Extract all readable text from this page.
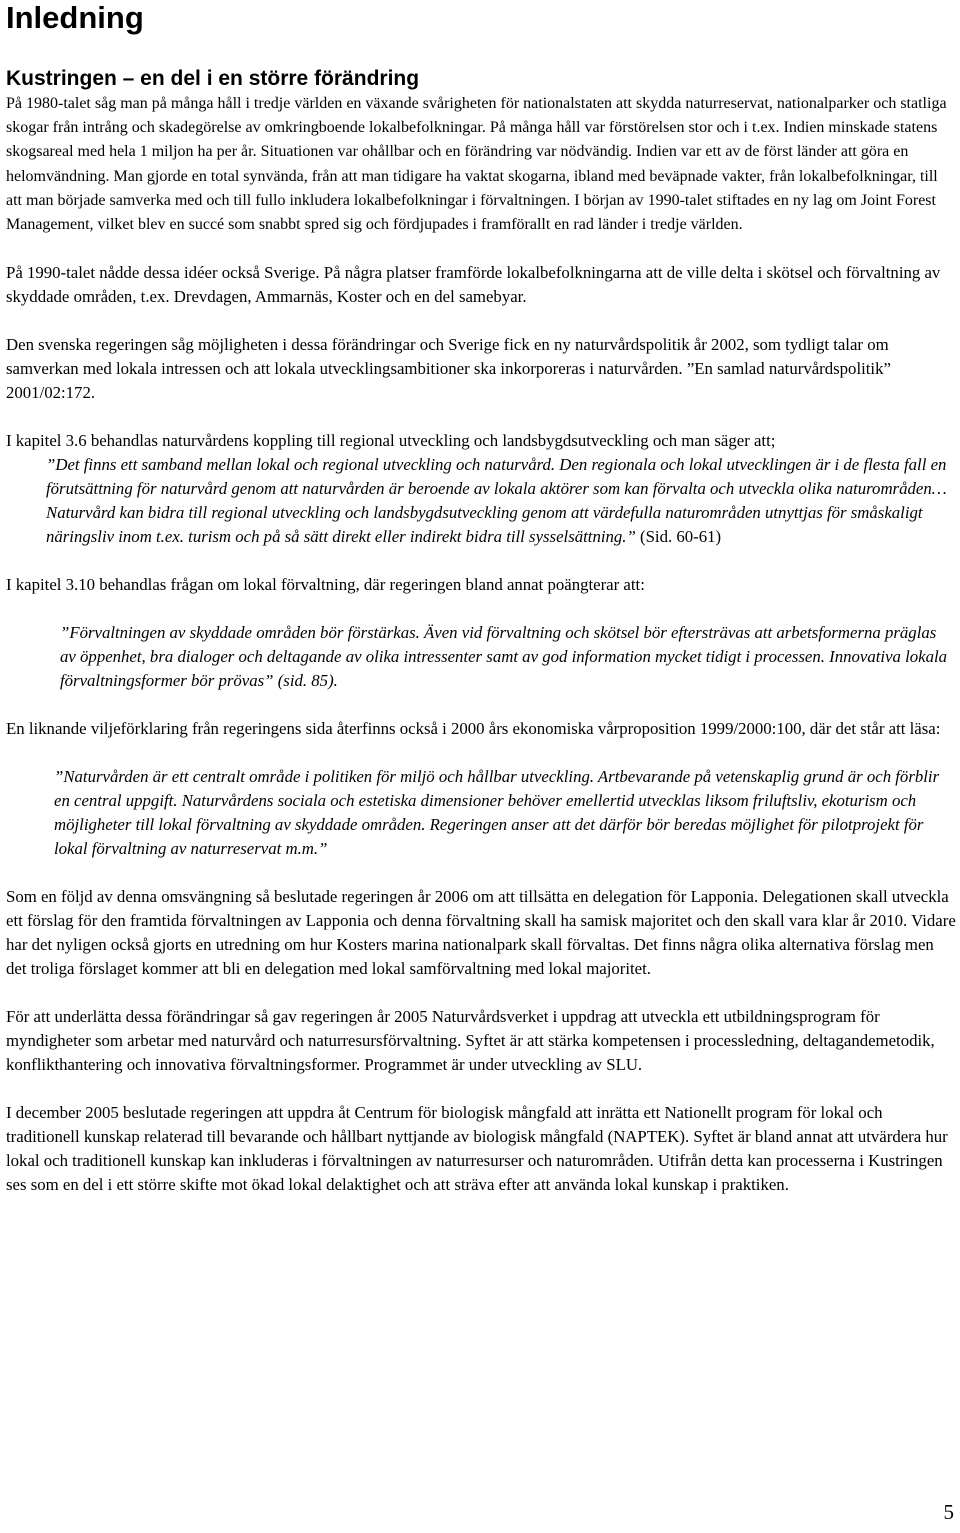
Inledning
Kustringen – en del i en större förändring

På 1980-talet såg man på många håll i tredje världen en växande svårigheten för nationalstaten att skydda naturreservat, nationalparker och statliga skogar från intrång och skadegörelse av omkringboende lokalbefolkningar. På många håll var förstörelsen stor och i t.ex. Indien minskade statens skogsareal med hela 1 miljon ha per år. Situationen var ohållbar och en förändring var nödvändig. Indien var ett av de först länder att göra en helomvändning. Man gjorde en total synvända, från att man tidigare ha vaktat skogarna, ibland med beväpnade vakter, från lokalbefolkningar, till att man började samverka med och till fullo inkludera lokalbefolkningar i förvaltningen. I början av 1990-talet stiftades en ny lag om Joint Forest Management, vilket blev en succé som snabbt spred sig och fördjupades i framförallt en rad länder i tredje världen.

På 1990-talet nådde dessa idéer också Sverige. På några platser framförde lokalbefolkningarna att de ville delta i skötsel och förvaltning av skyddade områden, t.ex. Drevdagen, Ammarnäs, Koster och en del samebyar.

Den svenska regeringen såg möjligheten i dessa förändringar och Sverige fick en ny naturvårdspolitik år 2002, som tydligt talar om samverkan med lokala intressen och att lokala utvecklingsambitioner ska inkorporeras i naturvården. ”En samlad naturvårdspolitik” 2001/02:172.

I kapitel 3.6 behandlas naturvårdens koppling till regional utveckling och landsbygdsutveckling och man säger att;

”Det finns ett samband mellan lokal och regional utveckling och naturvård. Den regionala och lokal utvecklingen är i de flesta fall en förutsättning för naturvård genom att naturvården är beroende av lokala aktörer som kan förvalta och utveckla olika naturområden… Naturvård kan bidra till regional utveckling och landsbygdsutveckling genom att värdefulla naturområden utnyttjas för småskaligt näringsliv inom t.ex. turism och på så sätt direkt eller indirekt bidra till sysselsättning.” (Sid. 60-61)

I kapitel 3.10 behandlas frågan om lokal förvaltning, där regeringen bland annat poängterar att:

”Förvaltningen av skyddade områden bör förstärkas. Även vid förvaltning och skötsel bör eftersträvas att arbetsformerna präglas av öppenhet, bra dialoger och deltagande av olika intressenter samt av god information mycket tidigt i processen. Innovativa lokala förvaltningsformer bör prövas” (sid. 85).

En liknande viljeförklaring från regeringens sida återfinns också i 2000 års ekonomiska vårproposition 1999/2000:100, där det står att läsa:

”Naturvården är ett centralt område i politiken för miljö och hållbar utveckling. Artbevarande på vetenskaplig grund är och förblir en central uppgift. Naturvårdens sociala och estetiska dimensioner behöver emellertid utvecklas liksom friluftsliv, ekoturism och möjligheter till lokal förvaltning av skyddade områden. Regeringen anser att det därför bör beredas möjlighet för pilotprojekt för lokal förvaltning av naturreservat m.m.”

Som en följd av denna omsvängning så beslutade regeringen år 2006 om att tillsätta en delegation för Lapponia. Delegationen skall utveckla ett förslag för den framtida förvaltningen av Lapponia och denna förvaltning skall ha samisk majoritet och den skall vara klar år 2010. Vidare har det nyligen också gjorts en utredning om hur Kosters marina nationalpark skall förvaltas. Det finns några olika alternativa förslag men det troliga förslaget kommer att bli en delegation med lokal samförvaltning med lokal majoritet.

För att underlätta dessa förändringar så gav regeringen år 2005 Naturvårdsverket i uppdrag att utveckla ett utbildningsprogram för myndigheter som arbetar med naturvård och naturresursförvaltning. Syftet är att stärka kompetensen i processledning, deltagandemetodik, konflikthantering och innovativa förvaltningsformer. Programmet är under utveckling av SLU.

I december 2005 beslutade regeringen att uppdra åt Centrum för biologisk mångfald att inrätta ett Nationellt program för lokal och traditionell kunskap relaterad till bevarande och hållbart nyttjande av biologisk mångfald (NAPTEK). Syftet är bland annat att utvärdera hur lokal och traditionell kunskap kan inkluderas i förvaltningen av naturresurser och naturområden. Utifrån detta kan processerna i Kustringen ses som en del i ett större skifte mot ökad lokal delaktighet och att sträva efter att använda lokal kunskap i praktiken.

5
